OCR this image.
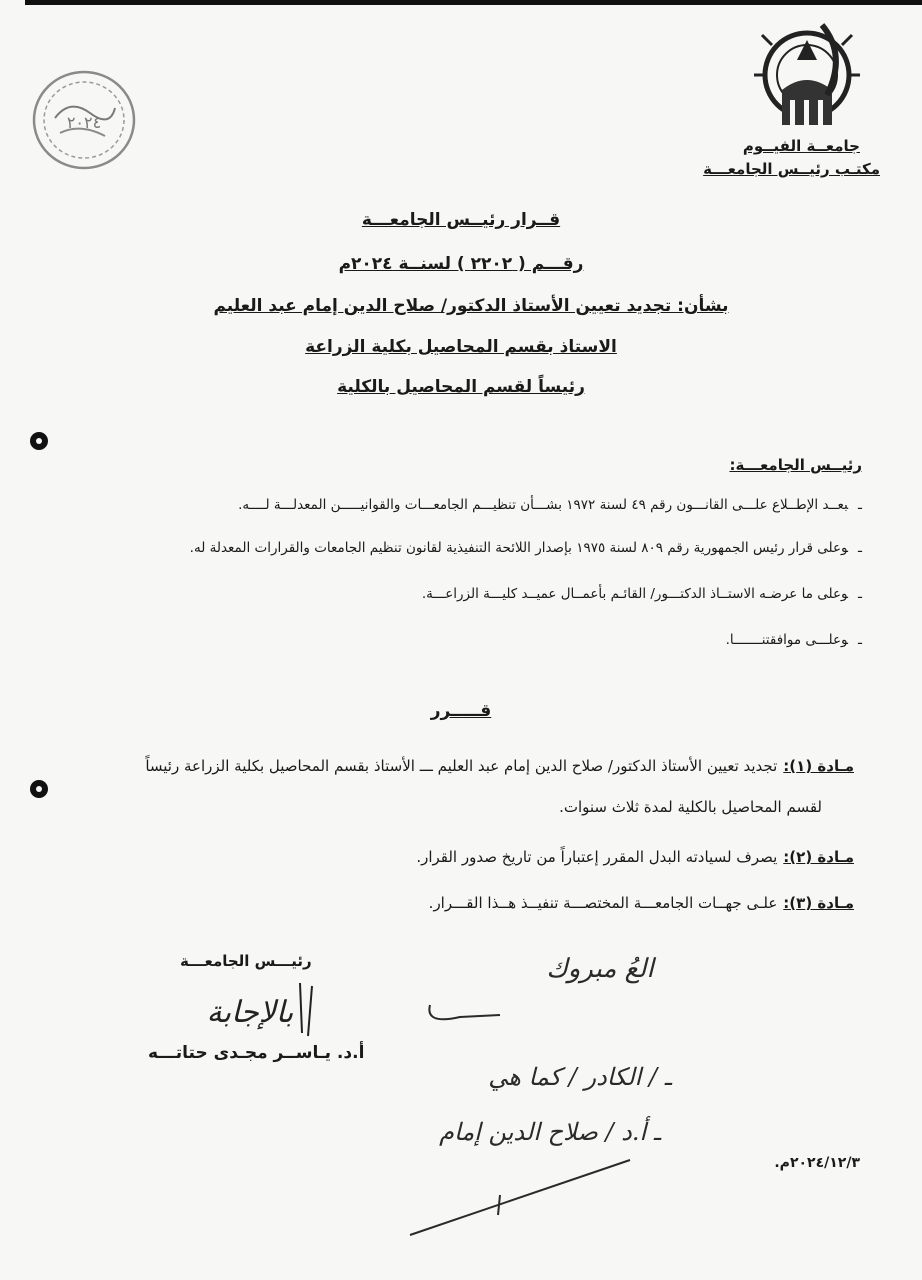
جامعــة الفيــوم
مكتـب رئيــس الجامعـــة
٢٠٢٤
قــرار رئيــس الجامعـــة
رقـــم ( ٢٢٠٢ ) لسنــة ٢٠٢٤م
بشأن: تجديد تعيين الأستاذ الدكتور/ صلاح الدين إمام عبد العليم
الاستاذ بقسم المحاصيل بكلية الزراعة
رئيساً لقسم المحاصيل بالكلية
رئيــس الجامعـــة:
ـبعــد الإطــلاع علـــى القانـــون رقم ٤٩ لسنة ١٩٧٢ بشـــأن تنظيـــم الجامعـــات والقوانيـــــن المعدلـــة لــــه.
ـوعلى قرار رئيس الجمهورية رقم ٨٠٩ لسنة ١٩٧٥ بإصدار اللائحة التنفيذية لقانون تنظيم الجامعات والقرارات المعدلة له.
ـوعلى ما عرضـه الاستــاذ الدكتـــور/ القائـم بأعمــال عميــد كليـــة الزراعـــة.
ـوعلـــى موافقتنـــــــا.
قـــــرر
مـادة (١):تجديد تعيين الأستاذ الدكتور/ صلاح الدين إمام عبد العليم ـــ الأستاذ بقسم المحاصيل بكلية الزراعة رئيساً
لقسم المحاصيل بالكلية لمدة ثلاث سنوات.
مـادة (٢):يصرف لسيادته البدل المقرر إعتباراً من تاريخ صدور القرار.
مـادة (٣):علـى جهــات الجامعـــة المختصـــة تنفيــذ هــذا القـــرار.
رئيـــس الجامعـــة
بالإجابة
أ.د. يـاســر مجـدى حتاتـــه
العُ مبروك
ـ / الكادر / كما هي
ـ أ.د / صلاح الدين إمام
٢٠٢٤/١٢/٣م.
